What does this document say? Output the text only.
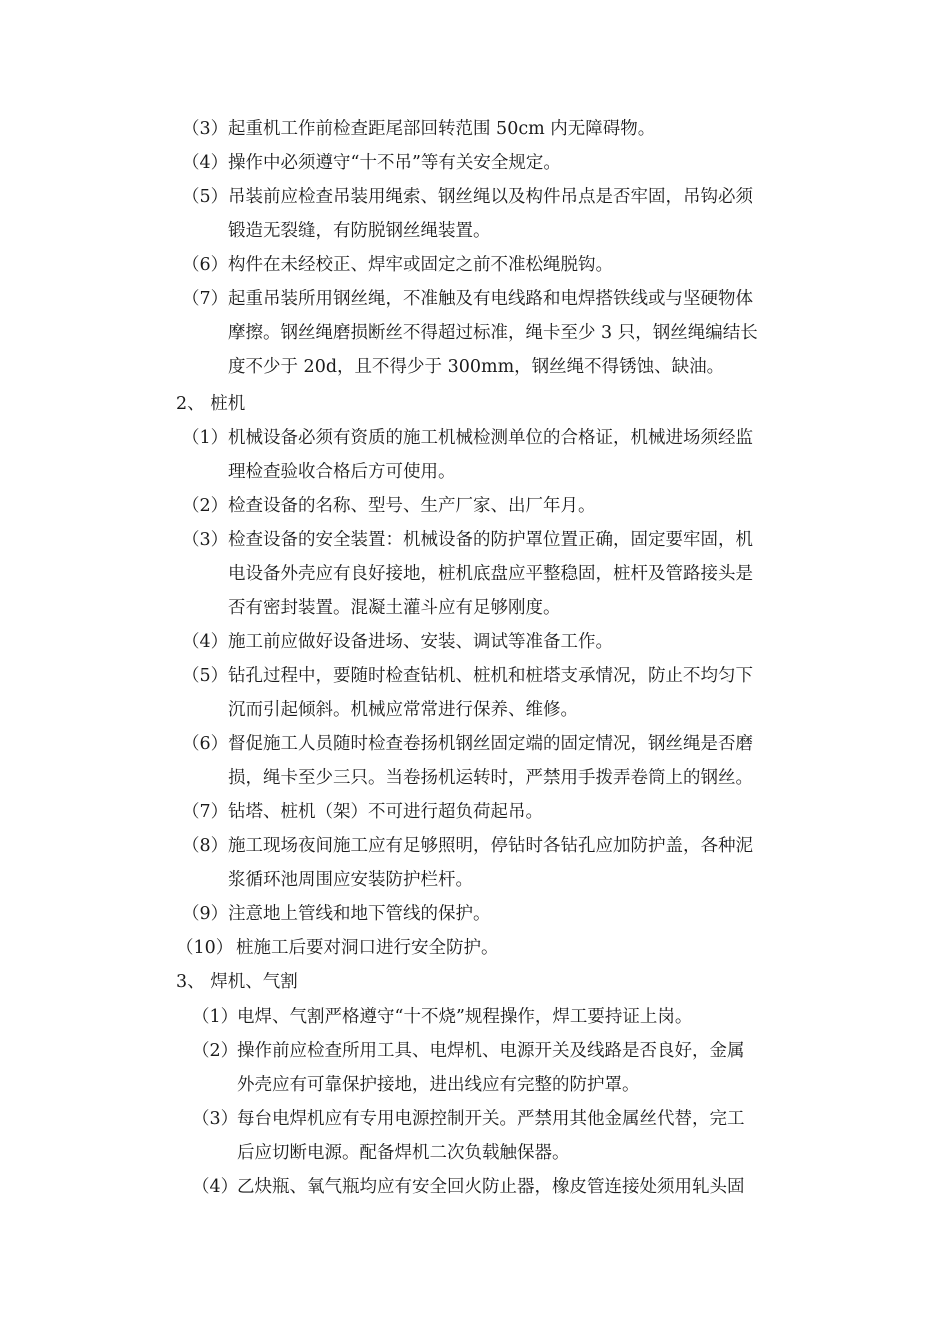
（3） 起重机工作前检查距尾部回转范围 50cm 内无障碍物。
（4） 操作中必须遵守“十不吊”等有关安全规定。
（5） 吊装前应检查吊装用绳索、钢丝绳以及构件吊点是否牢固，吊钩必须
锻造无裂缝，有防脱钢丝绳装置。
（6） 构件在未经校正、焊牢或固定之前不准松绳脱钩。
（7） 起重吊装所用钢丝绳，不准触及有电线路和电焊搭铁线或与坚硬物体
摩擦。钢丝绳磨损断丝不得超过标准，绳卡至少 3 只，钢丝绳编结长
度不少于 20d，且不得少于 300mm，钢丝绳不得锈蚀、缺油。
2、 桩机
（1） 机械设备必须有资质的施工机械检测单位的合格证，机械进场须经监
理检查验收合格后方可使用。
（2） 检查设备的名称、型号、生产厂家、出厂年月。
（3） 检查设备的安全装置：机械设备的防护罩位置正确，固定要牢固，机
电设备外壳应有良好接地，桩机底盘应平整稳固，桩杆及管路接头是
否有密封装置。混凝土灌斗应有足够刚度。
（4） 施工前应做好设备进场、安装、调试等准备工作。
（5） 钻孔过程中，要随时检查钻机、桩机和桩塔支承情况，防止不均匀下
沉而引起倾斜。机械应常常进行保养、维修。
（6） 督促施工人员随时检查卷扬机钢丝固定端的固定情况，钢丝绳是否磨
损，绳卡至少三只。当卷扬机运转时，严禁用手拨弄卷筒上的钢丝。
（7） 钻塔、桩机（架）不可进行超负荷起吊。
（8） 施工现场夜间施工应有足够照明，停钻时各钻孔应加防护盖，各种泥
浆循环池周围应安装防护栏杆。
（9） 注意地上管线和地下管线的保护。
（10） 桩施工后要对洞口进行安全防护。
3、 焊机、气割
（1）
电焊、气割严格遵守“十不烧”规程操作，焊工要持证上岗。
（2）
操作前应检查所用工具、电焊机、电源开关及线路是否良好，金属
外壳应有可靠保护接地，进出线应有完整的防护罩。
（3）
每台电焊机应有专用电源控制开关。严禁用其他金属丝代替，完工
后应切断电源。配备焊机二次负载触保器。
（4）
乙炔瓶、氧气瓶均应有安全回火防止器，橡皮管连接处须用轧头固
